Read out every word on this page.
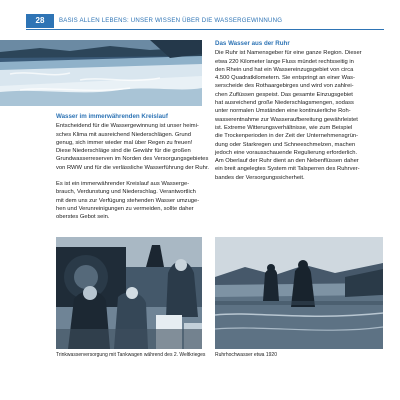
28	BASIS ALLEN LEBENS: UNSER WISSEN ÜBER DIE WASSERGEWINNUNG
Wasser im immerwährenden Kreislauf

Entscheidend für die Wassergewinnung ist unser heimi-
sches Klima mit ausreichend Niederschlägen. Grund
genug, sich immer wieder mal über Regen zu freuen!
Diese Niederschläge sind die Gewähr für die großen
Grundwasserreserven im Norden des Versorgungsgebietes
von RWW und für die verlässliche Wasserführung der Ruhr.

Es ist ein immerwährender Kreislauf aus Wassergе-
brauch, Verdunstung und Niederschlag. Verantwortlich
mit dem uns zur Verfügung stehenden Wasser umzuge-
hen und Verunreinigungen zu vermeiden, sollte daher
oberstes Gebot sein.

Das Wasser aus der Ruhr

Die Ruhr ist Namensgeber für eine ganze Region. Dieser
etwa 220 Kilometer lange Fluss mündet rechtsseitig in
den Rhein und hat ein Wassereinzugsgebiet von circa
4.500 Quadratkilometern. Sie entspringt an einer Was-
serscheide des Rothaargebirges und wird von zahlrei-
chen Zuflüssen gespeist. Das gesamte Einzugsgebiet
hat ausreichend große Niederschlagsmengen, sodass
unter normalen Umständen eine kontinuierliche Roh-
wasserentnahme zur Wasseraufbereitung gewährleistet
ist. Extreme Witterungsverhältnisse, wie zum Beispiel
die Trockenperioden in der Zeit der Unternehmensgrün-
dung oder Starkregen und Schneeschmelzen, machen
jedoch eine vorausschauende Regulierung erforderlich.
Am Oberlauf der Ruhr dient an den Nebenflüssen daher
ein breit angelegtes System mit Talsperren des Ruhrver-
bandes der Versorgungssicherheit.

Trinkwasserversorgung mit Tankwagen während des 2. Weltkrieges Ruhrhochwasser etwa 1920
